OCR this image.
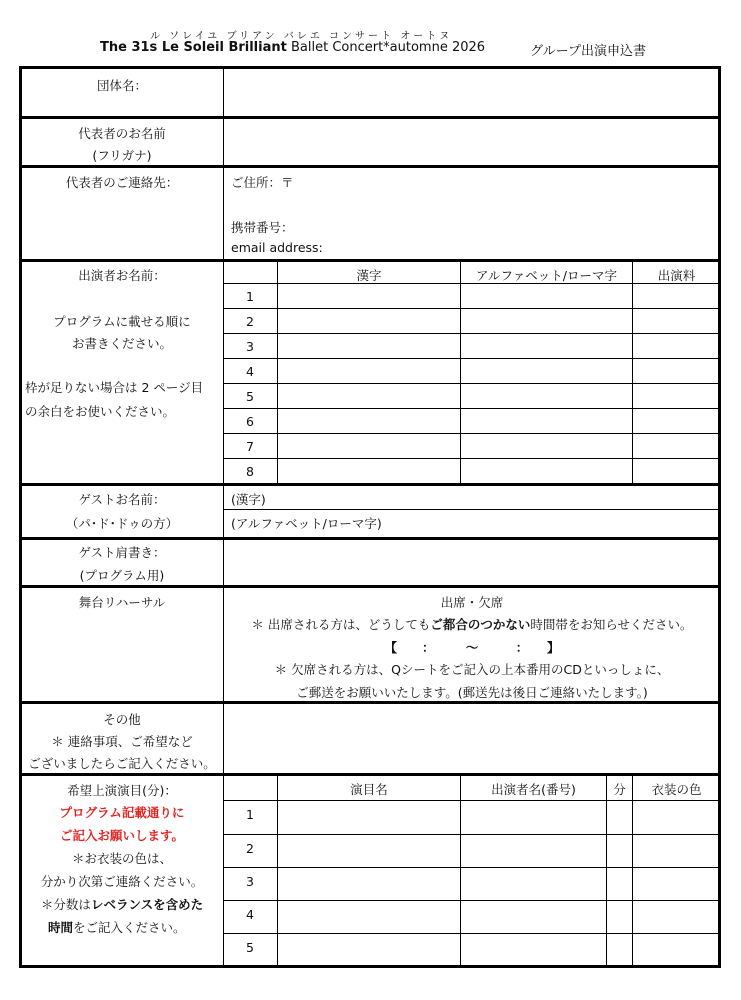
ル ソレイユ ブリアン バレエ コンサート オートヌ
The 31s Le Soleil Brilliant Ballet Concert*automne 2026	グループ出演申込書
団体名：
代表者のお名前
(フリガナ)
代表者のご連絡先：	ご住所：〒
携帯番号：
email address:
出演者お名前：
プログラムに載せる順に
お書きください。
枠が足りない場合は 2 ページ目
の余白をお使いください。
漢字	アルファベット/ローマ字	出演料
1
2
3
4
5
6
7
8
ゲストお名前：
（パ･ド･ドゥの方）
(漢字)
(アルファベット/ローマ字)
ゲスト肩書き：
(プログラム用)
舞台リハーサル	出席・欠席
＊ 出席される方は、どうしてもご都合のつかない時間帯をお知らせください。
【　　：　　　～　　　：　　】
＊ 欠席される方は、Qシートをご記入の上本番用のCDといっしょに、
ご郵送をお願いいたします。(郵送先は後日ご連絡いたします。)
その他
＊ 連絡事項、ご希望など
ございましたらご記入ください。
希望上演演目(分)：
プログラム記載通りに
ご記入お願いします。
＊お衣装の色は、
分かり次第ご連絡ください。
＊分数はレベランスを含めた
時間をご記入ください。
演目名	出演者名(番号)	分	衣装の色
1
2
3
4
5
